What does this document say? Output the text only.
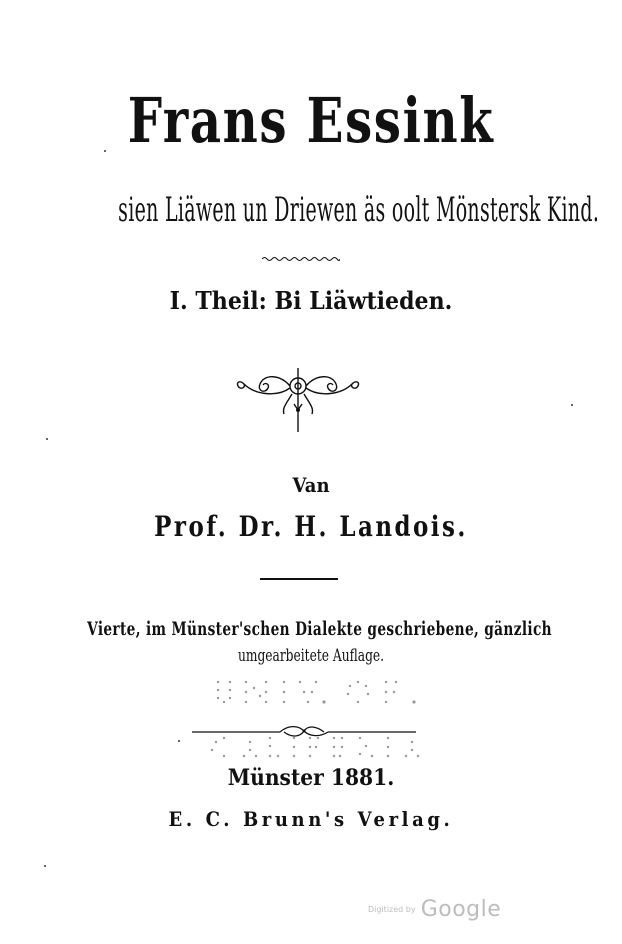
Frans Essink
sien Liäwen un Driewen äs oolt Mönstersk Kind.
I. Theil: Bi Liäwtieden.
Van
Prof. Dr. H. Landois.
Vierte, im Münster'schen Dialekte geschriebene, gänzlich
umgearbeitete Auflage.
Münster 1881.
E. C. Brunn's Verlag.
Digitized by Google
